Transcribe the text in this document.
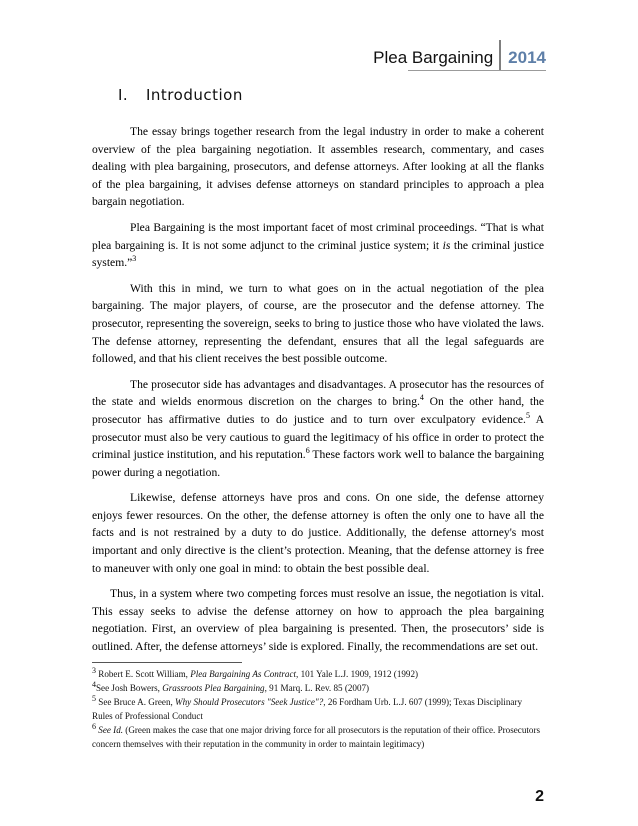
Plea Bargaining 2014
I.	Introduction

The essay brings together research from the legal industry in order to make a coherent overview of the plea bargaining negotiation. It assembles research, commentary, and cases dealing with plea bargaining, prosecutors, and defense attorneys. After looking at all the flanks of the plea bargaining, it advises defense attorneys on standard principles to approach a plea bargain negotiation.

Plea Bargaining is the most important facet of most criminal proceedings. “That is what plea bargaining is. It is not some adjunct to the criminal justice system; it is the criminal justice system.”$^3$

With this in mind, we turn to what goes on in the actual negotiation of the plea bargaining. The major players, of course, are the prosecutor and the defense attorney. The prosecutor, representing the sovereign, seeks to bring to justice those who have violated the laws. The defense attorney, representing the defendant, ensures that all the legal safeguards are followed, and that his client receives the best possible outcome.

The prosecutor side has advantages and disadvantages. A prosecutor has the resources of the state and wields enormous discretion on the charges to bring.$^4$ On the other hand, the prosecutor has affirmative duties to do justice and to turn over exculpatory evidence.$^5$ A prosecutor must also be very cautious to guard the legitimacy of his office in order to protect the criminal justice institution, and his reputation.$^6$ These factors work well to balance the bargaining power during a negotiation.

Likewise, defense attorneys have pros and cons. On one side, the defense attorney enjoys fewer resources. On the other, the defense attorney is often the only one to have all the facts and is not restrained by a duty to do justice. Additionally, the defense attorney's most important and only directive is the client’s protection. Meaning, that the defense attorney is free to maneuver with only one goal in mind: to obtain the best possible deal.

Thus, in a system where two competing forces must resolve an issue, the negotiation is vital. This essay seeks to advise the defense attorney on how to approach the plea bargaining negotiation. First, an overview of plea bargaining is presented. Then, the prosecutors’ side is outlined. After, the defense attorneys’ side is explored. Finally, the recommendations are set out.

$^3$ Robert E. Scott William, Plea Bargaining As Contract, 101 Yale L.J. 1909, 1912 (1992)

$^4$See Josh Bowers, Grassroots Plea Bargaining, 91 Marq. L. Rev. 85 (2007)

$^5$ See Bruce A. Green, Why Should Prosecutors "Seek Justice"?, 26 Fordham Urb. L.J. 607 (1999); Texas Disciplinary Rules of Professional Conduct

$^6$ See Id. (Green makes the case that one major driving force for all prosecutors is the reputation of their office. Prosecutors concern themselves with their reputation in the community in order to maintain legitimacy)

2
